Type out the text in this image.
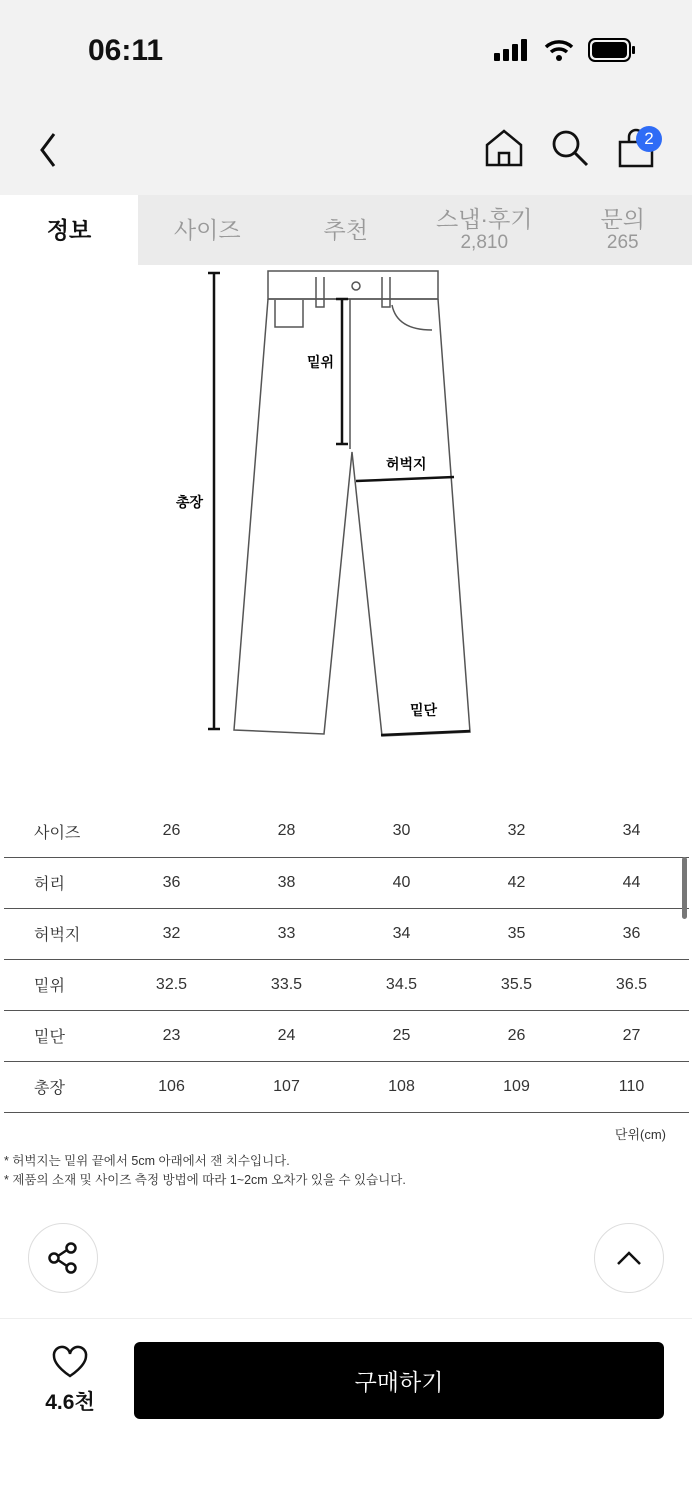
06:11
2
정보	사이즈	추천	스냅·후기
2,810
문의
265
총장
밑위
허벅지
밑단
사이즈	26	28	30	32	34
허리	36	38	40	42	44
허벅지	32	33	34	35	36
밑위	32.5	33.5	34.5	35.5	36.5
밑단	23	24	25	26	27
총장	106	107	108	109	110
단위(cm)
* 허벅지는 밑위 끝에서 5cm 아래에서 잰 치수입니다.
* 제품의 소재 및 사이즈 측정 방법에 따라 1~2cm 오차가 있을 수 있습니다.
4.6천
구매하기
